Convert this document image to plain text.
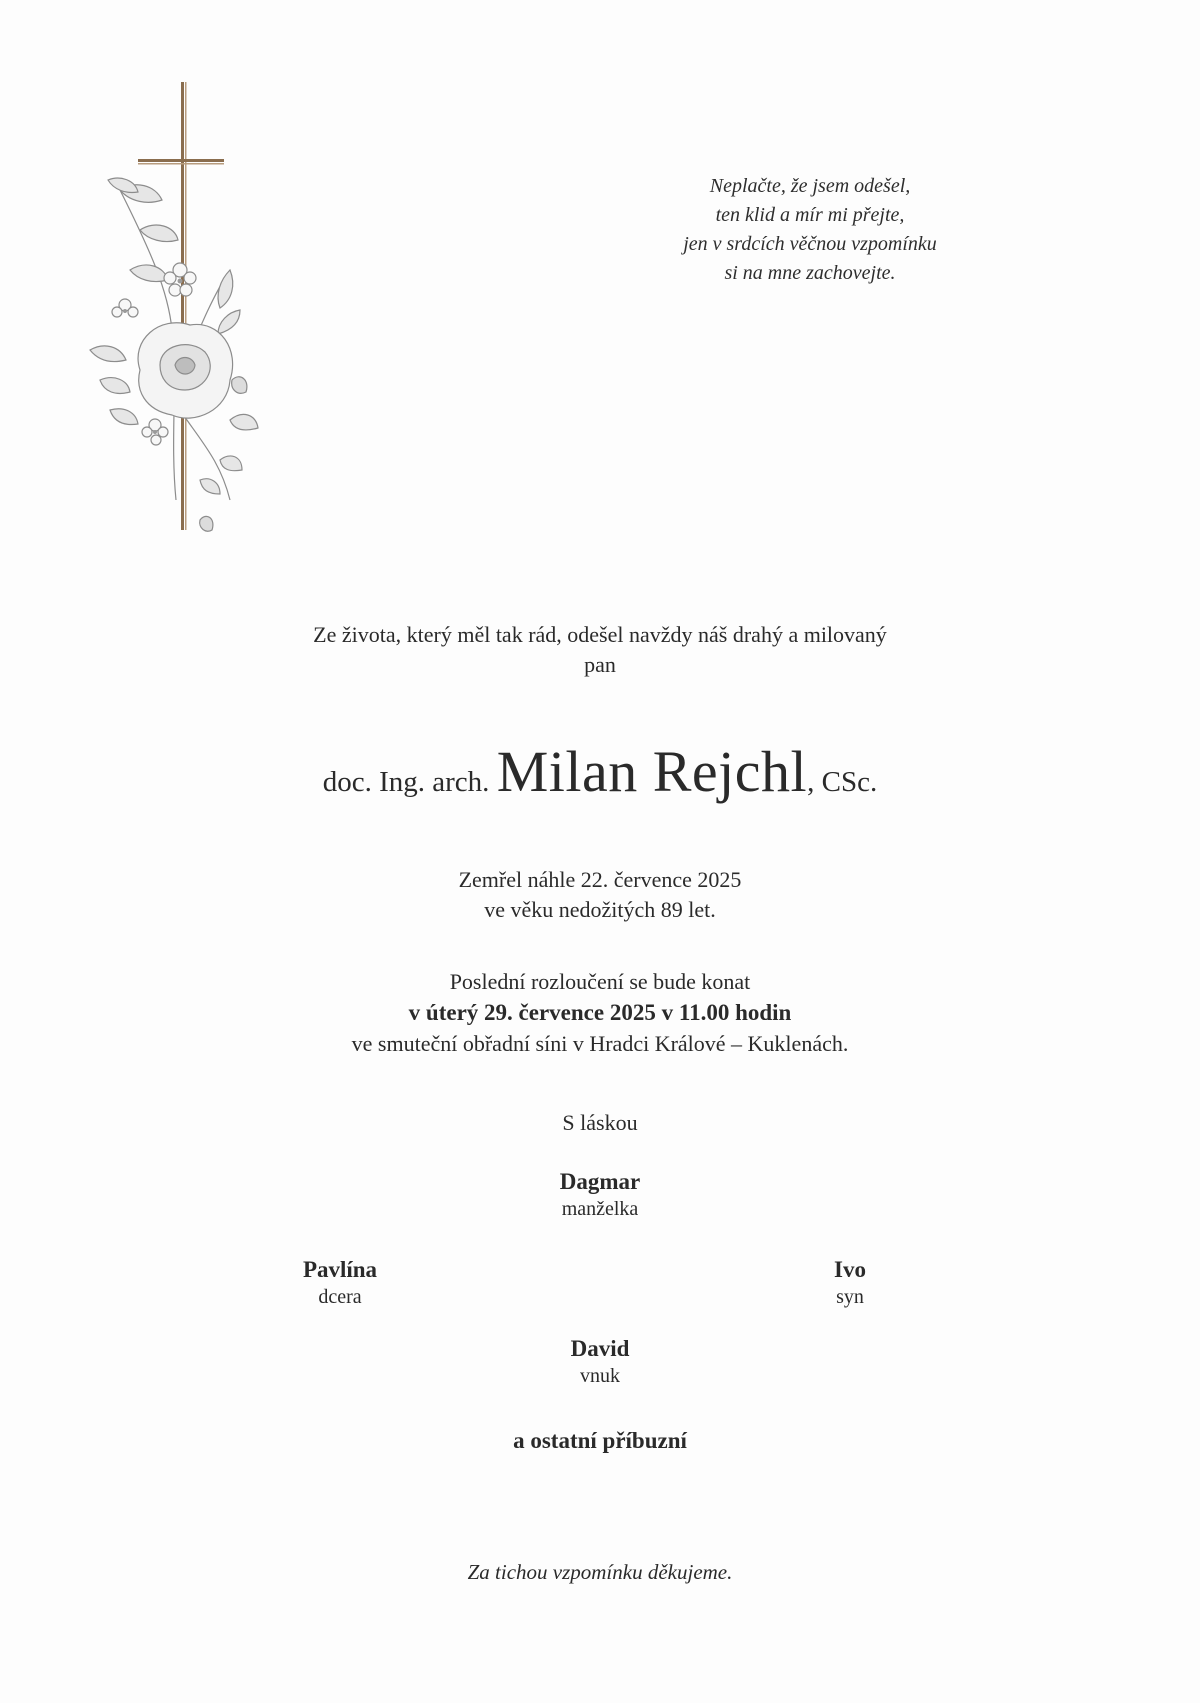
Neplačte, že jsem odešel,
ten klid a mír mi přejte,
jen v srdcích věčnou vzpomínku
si na mne zachovejte.
Ze života, který měl tak rád, odešel navždy náš drahý a milovaný
pan
doc. Ing. arch. Milan Rejchl, CSc.
Zemřel náhle 22. července 2025
ve věku nedožitých 89 let.
Poslední rozloučení se bude konat
v úterý 29. července 2025 v 11.00 hodin
ve smuteční obřadní síni v Hradci Králové – Kuklenách.
S láskou
Dagmar
manželka
Pavlína
dcera
Ivo
syn
David
vnuk
a ostatní příbuzní
Za tichou vzpomínku děkujeme.
